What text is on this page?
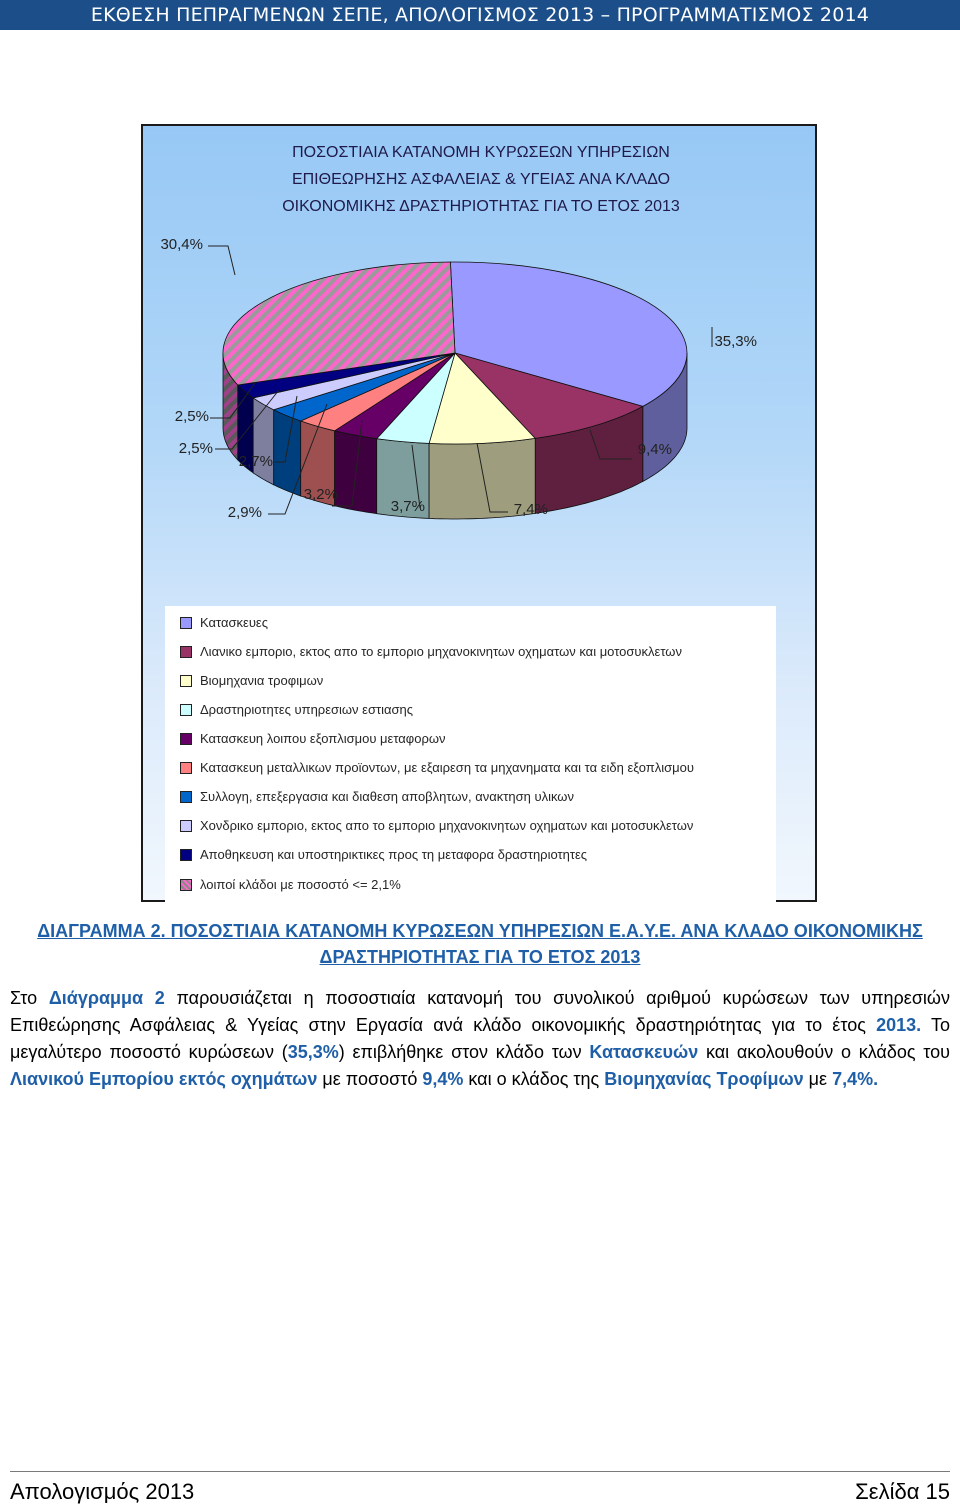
ΕΚΘΕΣΗ ΠΕΠΡΑΓΜΕΝΩΝ ΣΕΠΕ, ΑΠΟΛΟΓΙΣΜΟΣ 2013 – ΠΡΟΓΡΑΜΜΑΤΙΣΜΟΣ 2014
ΠΟΣΟΣΤΙΑΙΑ ΚΑΤΑΝΟΜΗ ΚΥΡΩΣΕΩΝ ΥΠΗΡΕΣΙΩΝ
ΕΠΙΘΕΩΡΗΣΗΣ ΑΣΦΑΛΕΙΑΣ & ΥΓΕΙΑΣ ΑΝΑ ΚΛΑΔΟ
ΟΙΚΟΝΟΜΙΚΗΣ ΔΡΑΣΤΗΡΙΟΤΗΤΑΣ ΓΙΑ ΤΟ ΕΤΟΣ 2013
35,3%
9,4%
7,4%
3,7%
3,2%
2,9%
2,7%
2,5%
2,5%
30,4%
Κατασκευες
Λιανικο εμποριο, εκτος απο το εμποριο μηχανοκινητων οχηματων και μοτοσυκλετων
Βιομηχανια τροφιμων
Δραστηριοτητες υπηρεσιων εστιασης
Κατασκευη λοιπου εξοπλισμου μεταφορων
Κατασκευη μεταλλικων προϊοντων, με εξαιρεση τα μηχανηματα και τα ειδη εξοπλισμου
Συλλογη, επεξεργασια και διαθεση αποβλητων, ανακτηση υλικων
Χονδρικο εμποριο, εκτος απο το εμποριο μηχανοκινητων οχηματων και μοτοσυκλετων
Αποθηκευση και υποστηρικτικες προς τη μεταφορα δραστηριοτητες
λοιποί κλάδοι με ποσοστό <= 2,1%
ΔΙΑΓΡΑΜΜΑ 2. ΠΟΣΟΣΤΙΑΙΑ ΚΑΤΑΝΟΜΗ ΚΥΡΩΣΕΩΝ ΥΠΗΡΕΣΙΩΝ Ε.Α.Υ.Ε. ΑΝΑ ΚΛΑΔΟ ΟΙΚΟΝΟΜΙΚΗΣ
ΔΡΑΣΤΗΡΙΟΤΗΤΑΣ ΓΙΑ ΤΟ ΕΤΟΣ 2013
Στο Διάγραμμα 2 παρουσιάζεται η ποσοστιαία κατανομή του συνολικού αριθμού κυρώσεων των υπηρεσιών Επιθεώρησης Ασφάλειας & Υγείας στην Εργασία ανά κλάδο οικονομικής δραστηριότητας για το έτος 2013. Το μεγαλύτερο ποσοστό κυρώσεων (35,3%) επιβλήθηκε στον κλάδο των Κατασκευών και ακολουθούν ο κλάδος του Λιανικού Εμπορίου εκτός οχημάτων με ποσοστό 9,4% και ο κλάδος της Βιομηχανίας Τροφίμων με 7,4%.
Απολογισμός 2013	Σελίδα 15
